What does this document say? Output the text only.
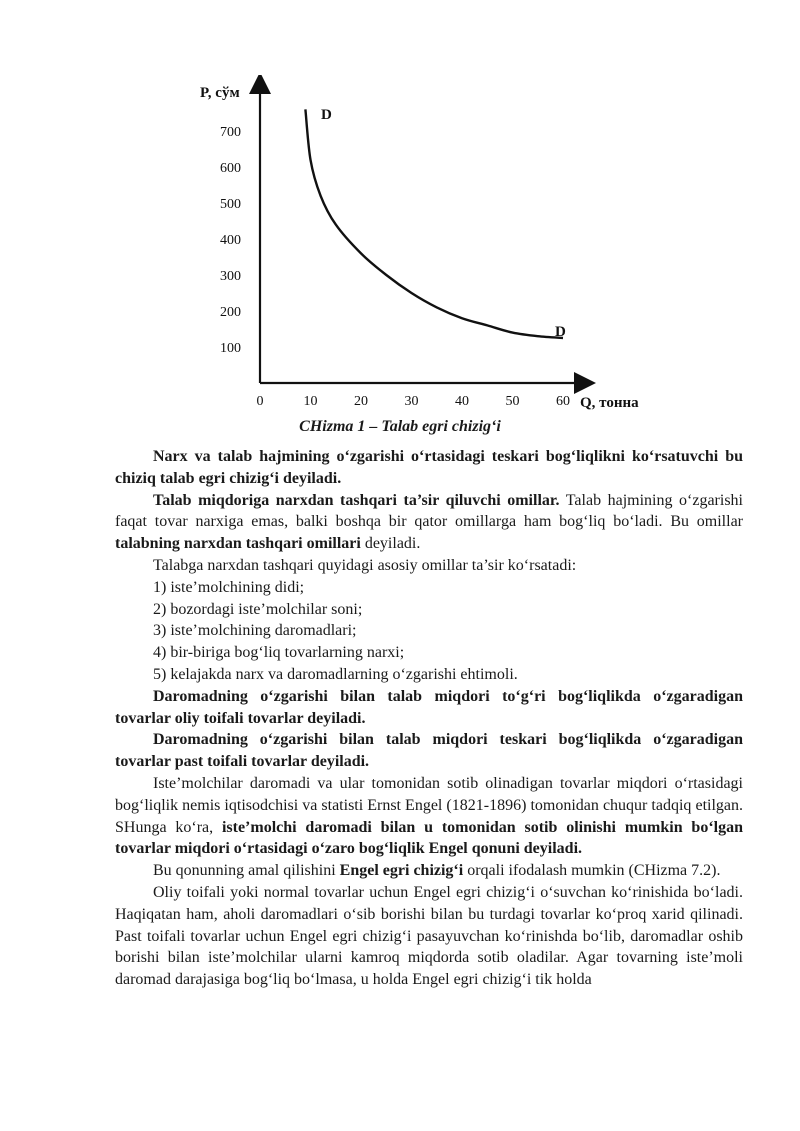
P, сўм
Q, тонна
0	10	20	30	40	50	60
100
200
300
400
500
600
700
D
D
CHizma 1 – Talab egri chizig‘i

Narx va talab hajmining o‘zgarishi o‘rtasidagi teskari bog‘liqlikni ko‘rsatuvchi bu chiziq talab egri chizig‘i deyiladi.

Talab miqdoriga narxdan tashqari ta’sir qiluvchi omillar. Talab hajmining o‘zgarishi faqat tovar narxiga emas, balki boshqa bir qator omillarga ham bog‘liq bo‘ladi. Bu omillar talabning narxdan tashqari omillari deyiladi.

Talabga narxdan tashqari quyidagi asosiy omillar ta’sir ko‘rsatadi:

1) iste’molchining didi;

2) bozordagi iste’molchilar soni;

3) iste’molchining daromadlari;

4) bir-biriga bog‘liq tovarlarning narxi;

5) kelajakda narx va daromadlarning o‘zgarishi ehtimoli.

Daromadning o‘zgarishi bilan talab miqdori to‘g‘ri bog‘liqlikda o‘zgaradigan tovarlar oliy toifali tovarlar deyiladi.

Daromadning o‘zgarishi bilan talab miqdori teskari bog‘liqlikda o‘zgaradigan tovarlar past toifali tovarlar deyiladi.

Iste’molchilar daromadi va ular tomonidan sotib olinadigan tovarlar miqdori o‘rtasidagi bog‘liqlik nemis iqtisodchisi va statisti Ernst Engel (1821-1896) tomonidan chuqur tadqiq etilgan. SHunga ko‘ra, iste’molchi daromadi bilan u tomonidan sotib olinishi mumkin bo‘lgan tovarlar miqdori o‘rtasidagi o‘zaro bog‘liqlik Engel qonuni deyiladi.

Bu qonunning amal qilishini Engel egri chizig‘i orqali ifodalash mumkin (CHizma 7.2).

Oliy toifali yoki normal tovarlar uchun Engel egri chizig‘i o‘suvchan ko‘rinishida bo‘ladi. Haqiqatan ham, aholi daromadlari o‘sib borishi bilan bu turdagi tovarlar ko‘proq xarid qilinadi. Past toifali tovarlar uchun Engel egri chizig‘i pasayuvchan ko‘rinishda bo‘lib, daromadlar oshib borishi bilan iste’molchilar ularni kamroq miqdorda sotib oladilar. Agar tovarning iste’moli daromad darajasiga bog‘liq bo‘lmasa, u holda Engel egri chizig‘i tik holda
